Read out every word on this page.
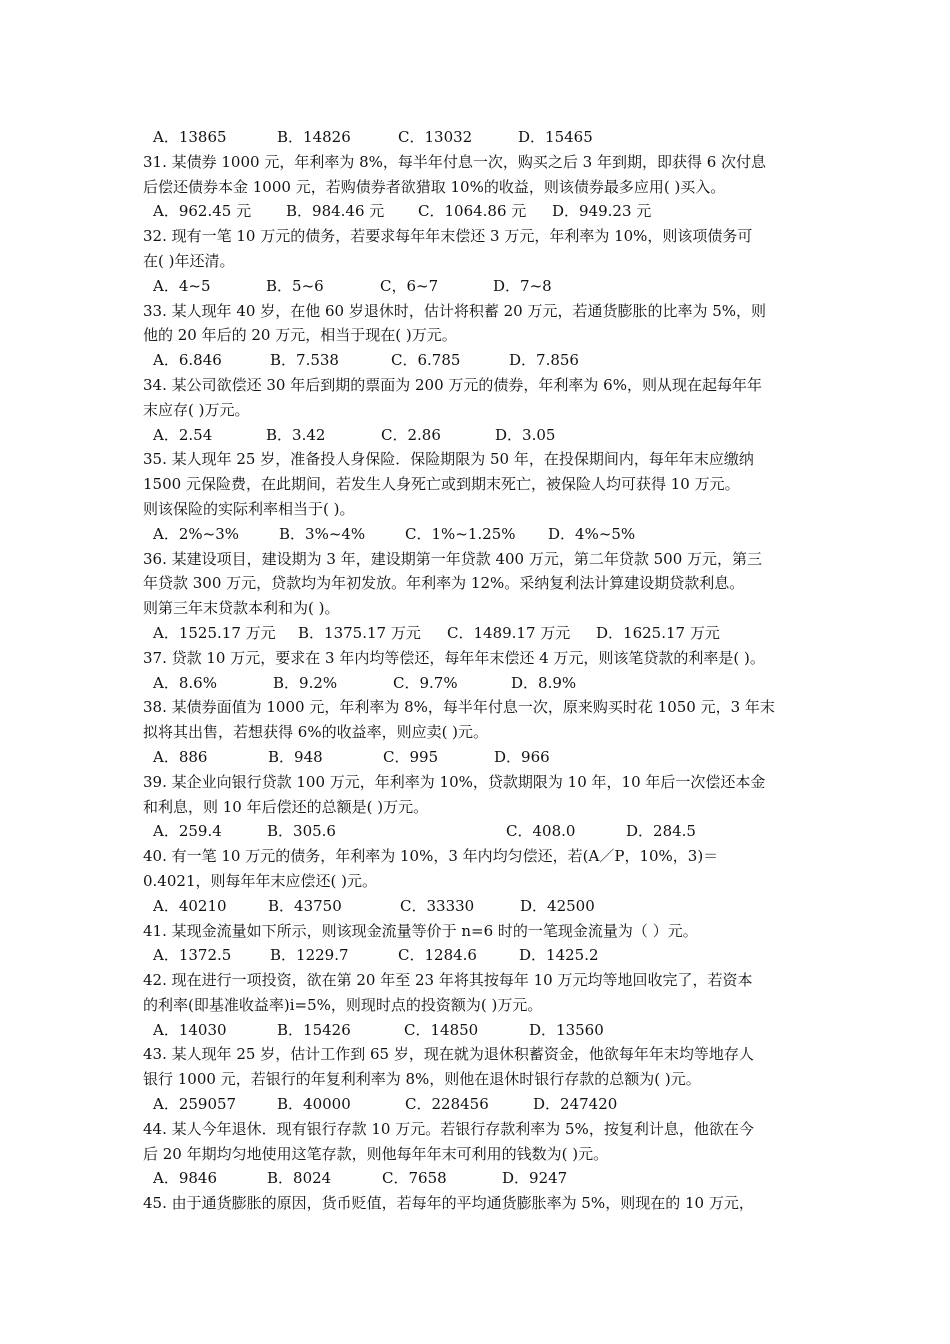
A．13865	B．14826	C．13032	D．15465
31. 某债券 1000 元，年利率为 8%，每半年付息一次，购买之后 3 年到期，即获得 6 次付息
后偿还债券本金 1000 元，若购债券者欲猎取 10%的收益，则该债券最多应用( )买入。
A．962.45 元	B．984.46 元	C．1064.86 元	D．949.23 元
32. 现有一笔 10 万元的债务，若要求每年年末偿还 3 万元，年利率为 10%，则该项债务可
在( )年还清。
A．4~5	B．5~6	C，6~7	D．7~8
33. 某人现年 40 岁，在他 60 岁退休时，估计将积蓄 20 万元，若通货膨胀的比率为 5%，则
他的 20 年后的 20 万元，相当于现在( )万元。
A．6.846	B．7.538	C．6.785	D．7.856
34. 某公司欲偿还 30 年后到期的票面为 200 万元的债券，年利率为 6%，则从现在起每年年
末应存( )万元。
A．2.54	B．3.42	C．2.86	D．3.05
35. 某人现年 25 岁，准备投人身保险．保险期限为 50 年，在投保期间内，每年年末应缴纳
1500 元保险费，在此期间，若发生人身死亡或到期末死亡，被保险人均可获得 10 万元。
则该保险的实际利率相当于( )。
A．2%~3%	B．3%~4%	C．1%~1.25%	D．4%~5%
36. 某建设项目，建设期为 3 年，建设期第一年贷款 400 万元，第二年贷款 500 万元，第三
年贷款 300 万元，贷款均为年初发放。年利率为 12%。采纳复利法计算建设期贷款利息。
则第三年末贷款本利和为( )。
A．1525.17 万元	B．1375.17 万元	C．1489.17 万元	D．1625.17 万元
37. 贷款 10 万元，要求在 3 年内均等偿还，每年年末偿还 4 万元，则该笔贷款的利率是( )。
A．8.6%	B．9.2%	C．9.7%	D．8.9%
38. 某债券面值为 1000 元，年利率为 8%，每半年付息一次，原来购买时花 1050 元，3 年末
拟将其出售，若想获得 6%的收益率，则应卖( )元。
A．886	B．948	C．995	D．966
39. 某企业向银行贷款 100 万元，年利率为 10%，贷款期限为 10 年，10 年后一次偿还本金
和利息，则 10 年后偿还的总额是( )万元。
A．259.4	B．305.6	C．408.0	D．284.5
40. 有一笔 10 万元的债务，年利率为 10%，3 年内均匀偿还，若(A／P，10%，3)＝
0.4021，则每年年末应偿还( )元。
A．40210	B．43750	C．33330	D．42500
41. 某现金流量如下所示，则该现金流量等价于 n=6 时的一笔现金流量为（ ）元。
A．1372.5	B．1229.7	C．1284.6	D．1425.2
42. 现在进行一项投资，欲在第 20 年至 23 年将其按每年 10 万元均等地回收完了，若资本
的利率(即基准收益率)i=5%，则现时点的投资额为( )万元。
A．14030	B．15426	C．14850	D．13560
43. 某人现年 25 岁，估计工作到 65 岁，现在就为退休积蓄资金，他欲每年年末均等地存人
银行 1000 元，若银行的年复利利率为 8%，则他在退休时银行存款的总额为( )元。
A．259057	B．40000	C．228456	D．247420
44. 某人今年退休．现有银行存款 10 万元。若银行存款利率为 5%，按复利计息，他欲在今
后 20 年期均匀地使用这笔存款，则他每年年末可利用的钱数为( )元。
A．9846	B．8024	C．7658	D．9247
45. 由于通货膨胀的原因，货币贬值，若每年的平均通货膨胀率为 5%，则现在的 10 万元，
